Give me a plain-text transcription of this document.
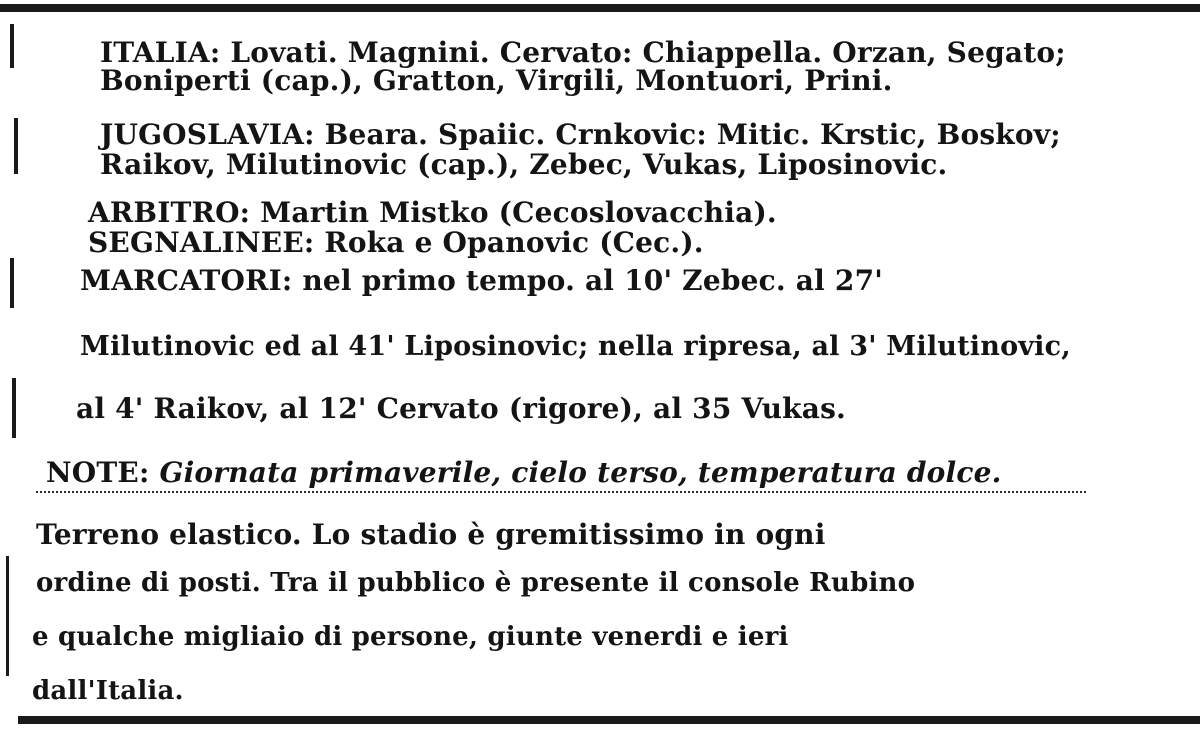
ITALIA: Lovati. Magnini. Cervato: Chiappella. Orzan, Segato;
Boniperti (cap.), Gratton, Virgili, Montuori, Prini.
JUGOSLAVIA: Beara. Spaiic. Crnkovic: Mitic. Krstic, Boskov;
Raikov, Milutinovic (cap.), Zebec, Vukas, Liposinovic.
ARBITRO: Martin Mistko (Cecoslovacchia).
SEGNALINEE: Roka e Opanovic (Cec.).
MARCATORI: nel primo tempo. al 10' Zebec. al 27'
Milutinovic ed al 41' Liposinovic; nella ripresa, al 3' Milutinovic,
al 4' Raikov, al 12' Cervato (rigore), al 35 Vukas.
NOTE: Giornata primaverile, cielo terso, temperatura dolce.
Terreno elastico. Lo stadio è gremitissimo in ogni
ordine di posti. Tra il pubblico è presente il console Rubino
e qualche migliaio di persone, giunte venerdi e ieri
dall'Italia.
